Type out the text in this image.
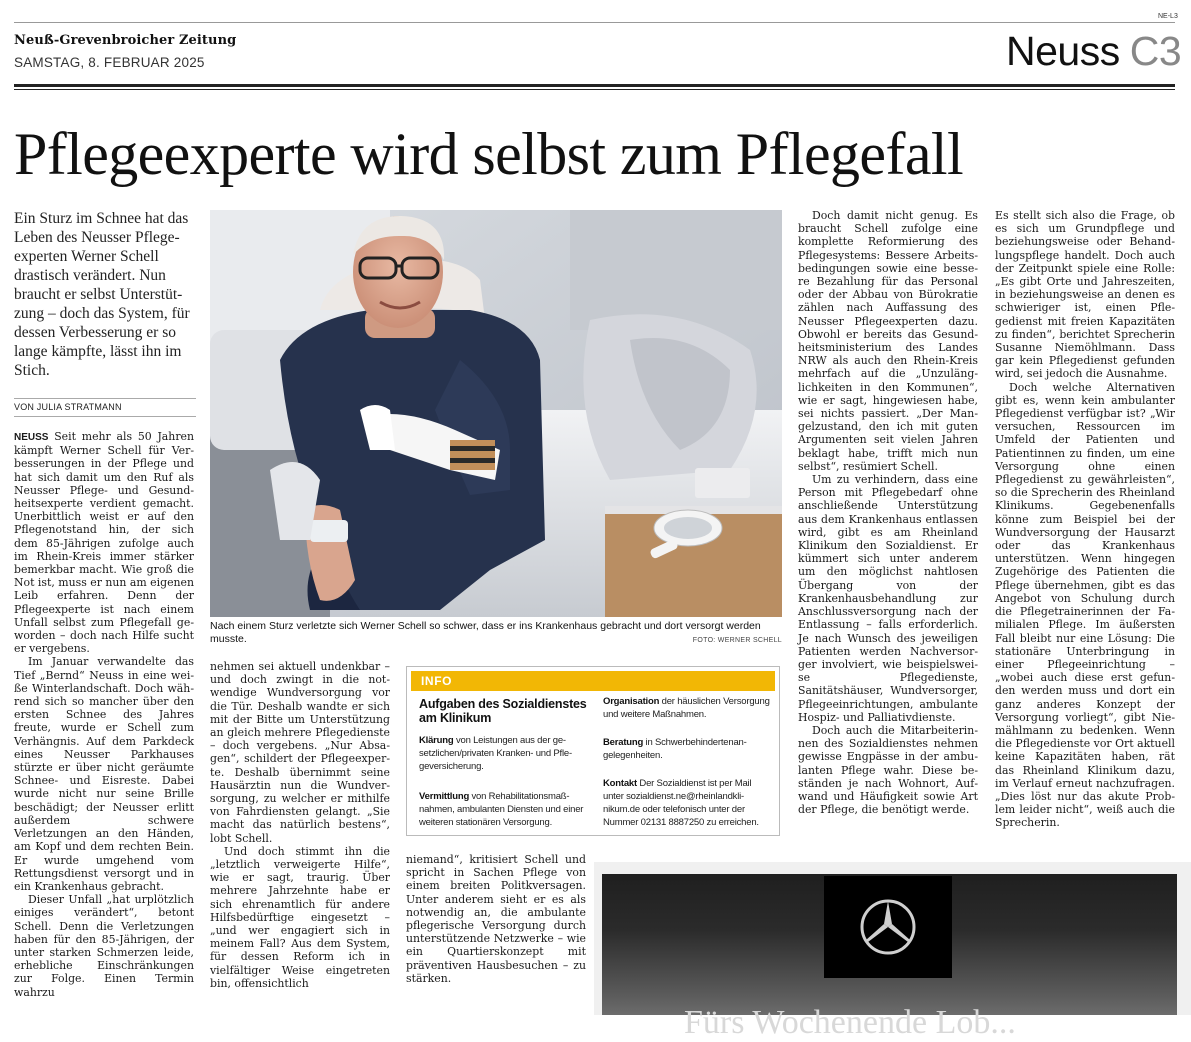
NE-L3
Neuß-Grevenbroicher Zeitung
SAMSTAG, 8. FEBRUAR 2025	Neuss C3
Pflegeexperte wird selbst zum Pflegefall
Ein Sturz im Schnee hat das Leben des Neusser Pflegeexperten Werner Schell drastisch verändert. Nun braucht er selbst Unterstützung – doch das System, für dessen Verbesserung er so lange kämpfte, lässt ihn im Stich.
VON JULIA STRATMANN

NEUSS Seit mehr als 50 Jahren kämpft Werner Schell für Verbesserungen in der Pflege und hat sich damit um den Ruf als Neusser Pflege- und Gesundheitsexperte verdient gemacht. Unerbittlich weist er auf den Pflegenotstand hin, der sich dem 85-Jährigen zufolge auch im Rhein-Kreis immer stärker bemerkbar macht. Wie groß die Not ist, muss er nun am eigenen Leib erfahren. Denn der Pflegeexperte ist nach einem Unfall selbst zum Pflegefall geworden – doch nach Hilfe sucht er vergebens.

Im Januar verwandelte das Tief „Bernd“ Neuss in eine weiße Winterlandschaft. Doch während sich so mancher über den ersten Schnee des Jahres freute, wurde er Schell zum Verhängnis. Auf dem Parkdeck eines Neusser Parkhauses stürzte er über nicht geräumte Schnee- und Eisreste. Dabei wurde nicht nur seine Brille beschädigt; der Neusser erlitt außerdem schwere Verletzungen an den Händen, am Kopf und dem rechten Bein. Er wurde umgehend vom Rettungsdienst versorgt und in ein Krankenhaus gebracht.

Dieser Unfall „hat urplötzlich einiges verändert“, betont Schell. Denn die Verletzungen haben für den 85-Jährigen, der unter starken Schmerzen leide, erhebliche Einschränkungen zur Folge. Einen Termin wahrzu

Nach einem Sturz verletzte sich Werner Schell so schwer, dass er ins Krankenhaus gebracht und dort versorgt werden musste.	FOTO: WERNER SCHELL

nehmen sei aktuell undenkbar – und doch zwingt in die notwendige Wundversorgung vor die Tür. Deshalb wandte er sich mit der Bitte um Unterstützung an gleich mehrere Pflegedienste – doch vergebens. „Nur Absagen“, schildert der Pflegeexperte. Deshalb übernimmt seine Hausärztin nun die Wundversorgung, zu welcher er mithilfe von Fahrdiensten gelangt. „Sie macht das natürlich bestens“, lobt Schell.

Und doch stimmt ihn die „letztlich verweigerte Hilfe“, wie er sagt, traurig. Über mehrere Jahrzehnte habe er sich ehrenamtlich für andere Hilfsbedürftige eingesetzt – „und wer engagiert sich in meinem Fall? Aus dem System, für dessen Reform ich in vielfältiger Weise eingetreten bin, offensichtlich

INFO
Aufgaben des Sozialdienstes am Klinikum
Klärung von Leistungen aus der gesetzlichen/privaten Kranken- und Pflegeversicherung.
Vermittlung von Rehabilitationsmaßnahmen, ambulanten Diensten und einer weiteren stationären Versorgung.
Organisation der häuslichen Versorgung und weitere Maßnahmen.
Beratung in Schwerbehindertenangelegenheiten.
Kontakt Der Sozialdienst ist per Mail unter sozialdienst.ne@rheinlandklinikum.de oder telefonisch unter der Nummer 02131 8887250 zu erreichen.

niemand“, kritisiert Schell und spricht in Sachen Pflege von einem breiten Politkversagen. Unter anderem sieht er es als notwendig an, die ambulante pflegerische Versorgung durch unterstützende Netzwerke – wie ein Quartierskonzept mit präventiven Hausbesuchen – zu stärken.

Doch damit nicht genug. Es braucht Schell zufolge eine komplette Reformierung des Pflegesystems: Bessere Arbeitsbedingungen sowie eine bessere Bezahlung für das Personal oder der Abbau von Bürokratie zählen nach Auffassung des Neusser Pflegeexperten dazu. Obwohl er bereits das Gesundheitsministerium des Landes NRW als auch den Rhein-Kreis mehrfach auf die „Unzulänglichkeiten in den Kommunen“, wie er sagt, hingewiesen habe, sei nichts passiert. „Der Mangelzustand, den ich mit guten Argumenten seit vielen Jahren beklagt habe, trifft mich nun selbst“, resümiert Schell.

Um zu verhindern, dass eine Person mit Pflegebedarf ohne anschließende Unterstützung aus dem Krankenhaus entlassen wird, gibt es am Rheinland Klinikum den Sozialdienst. Er kümmert sich unter anderem um den möglichst nahtlosen Übergang von der Krankenhausbehandlung zur Anschlussversorgung nach der Entlassung – falls erforderlich. Je nach Wunsch des jeweiligen Patienten werden Nachversorger involviert, wie beispielsweise Pflegedienste, Sanitätshäuser, Wundversorger, Pflegeeinrichtungen, ambulante Hospiz- und Palliativdienste.

Doch auch die Mitarbeiterinnen des Sozialdienstes nehmen gewisse Engpässe in der ambulanten Pflege wahr. Diese beständen je nach Wohnort, Aufwand und Häufigkeit sowie Art der Pflege, die benötigt werde.

Es stellt sich also die Frage, ob es sich um Grundpflege und beziehungsweise oder Behandlungspflege handelt. Doch auch der Zeitpunkt spiele eine Rolle: „Es gibt Orte und Jahreszeiten, in beziehungsweise an denen es schwieriger ist, einen Pflegedienst mit freien Kapazitäten zu finden“, berichtet Sprecherin Susanne Niemöhlmann. Dass gar kein Pflegedienst gefunden wird, sei jedoch die Ausnahme.

Doch welche Alternativen gibt es, wenn kein ambulanter Pflegedienst verfügbar ist? „Wir versuchen, Ressourcen im Umfeld der Patienten und Patientinnen zu finden, um eine Versorgung ohne einen Pflegedienst zu gewährleisten“, so die Sprecherin des Rheinland Klinikums. Gegebenenfalls könne zum Beispiel bei der Wundversorgung der Hausarzt oder das Krankenhaus unterstützen. Wenn hingegen Zugehörige des Patienten die Pflege übernehmen, gibt es das Angebot von Schulung durch die Pflegetrainerinnen der Familialen Pflege. Im äußersten Fall bleibt nur eine Lösung: Die stationäre Unterbringung in einer Pflegeeinrichtung – „wobei auch diese erst gefunden werden muss und dort ein ganz anderes Konzept der Versorgung vorliegt“, gibt Niemählmann zu bedenken. Wenn die Pflegedienste vor Ort aktuell keine Kapazitäten haben, rät das Rheinland Klinikum dazu, im Verlauf erneut nachzufragen. „Dies löst nur das akute Problem leider nicht“, weiß auch die Sprecherin.

Fürs Wochenende Lob...
